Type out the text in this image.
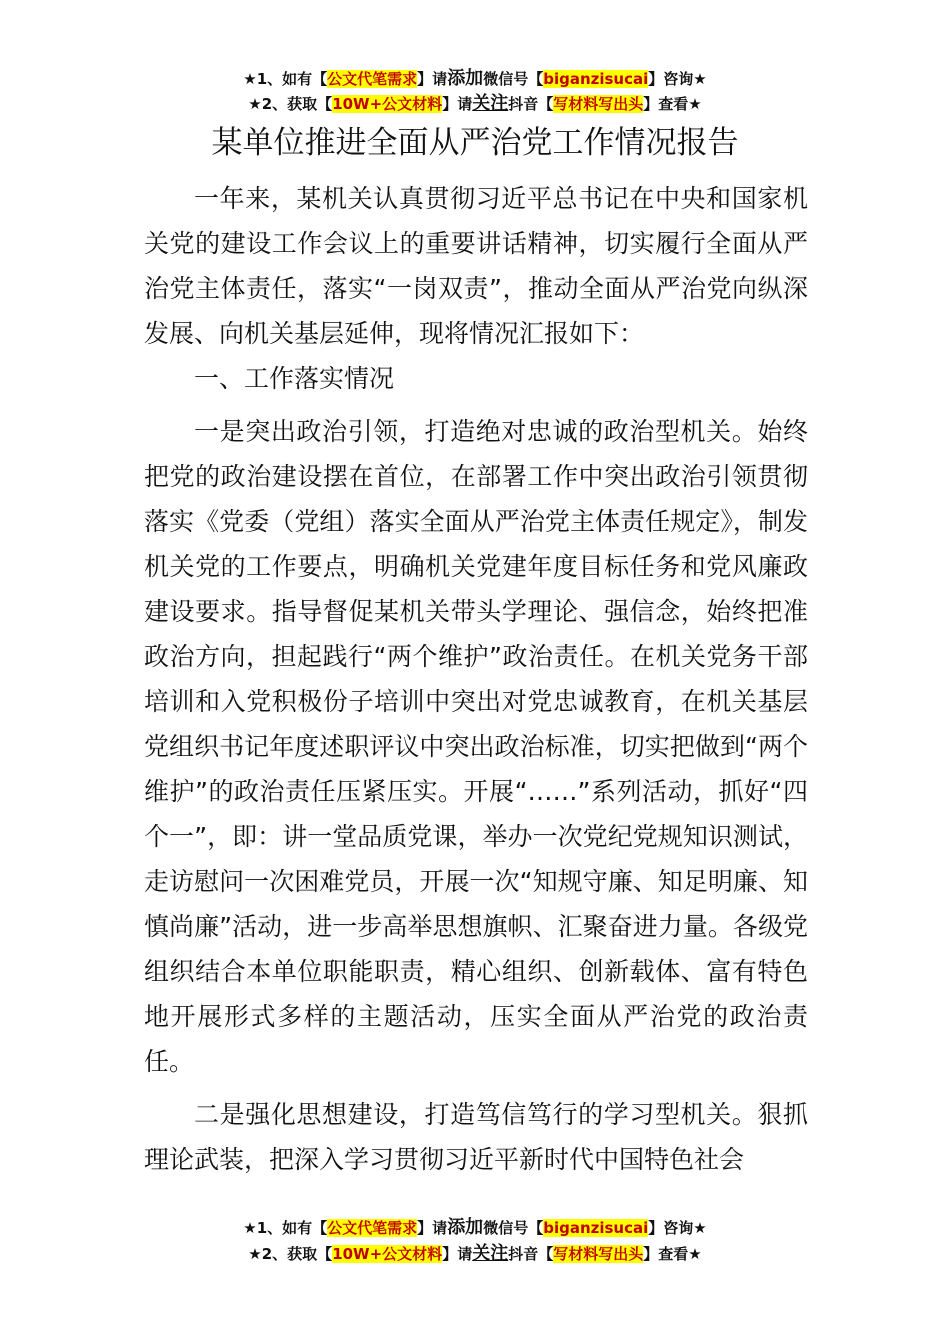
★1、如有【公文代笔需求】请添加微信号【biganzisucai】咨询★
★2、获取【10W+公文材料】请关注抖音【写材料写出头】查看★
某单位推进全面从严治党工作情况报告

一年来，某机关认真贯彻习近平总书记在中央和国家机关党的建设工作会议上的重要讲话精神，切实履行全面从严治党主体责任，落实“一岗双责”，推动全面从严治党向纵深发展、向机关基层延伸，现将情况汇报如下：

一、工作落实情况

一是突出政治引领，打造绝对忠诚的政治型机关。始终把党的政治建设摆在首位，在部署工作中突出政治引领贯彻落实《党委（党组）落实全面从严治党主体责任规定》，制发机关党的工作要点，明确机关党建年度目标任务和党风廉政建设要求。指导督促某机关带头学理论、强信念，始终把准政治方向，担起践行“两个维护”政治责任。在机关党务干部培训和入党积极份子培训中突出对党忠诚教育，在机关基层党组织书记年度述职评议中突出政治标准，切实把做到“两个维护”的政治责任压紧压实。开展“……”系列活动，抓好“四个一”，即：讲一堂品质党课，举办一次党纪党规知识测试，走访慰问一次困难党员，开展一次“知规守廉、知足明廉、知慎尚廉”活动，进一步高举思想旗帜、汇聚奋进力量。各级党组织结合本单位职能职责，精心组织、创新载体、富有特色地开展形式多样的主题活动，压实全面从严治党的政治责任。

二是强化思想建设，打造笃信笃行的学习型机关。狠抓理论武装，把深入学习贯彻习近平新时代中国特色社会

★1、如有【公文代笔需求】请添加微信号【biganzisucai】咨询★
★2、获取【10W+公文材料】请关注抖音【写材料写出头】查看★
